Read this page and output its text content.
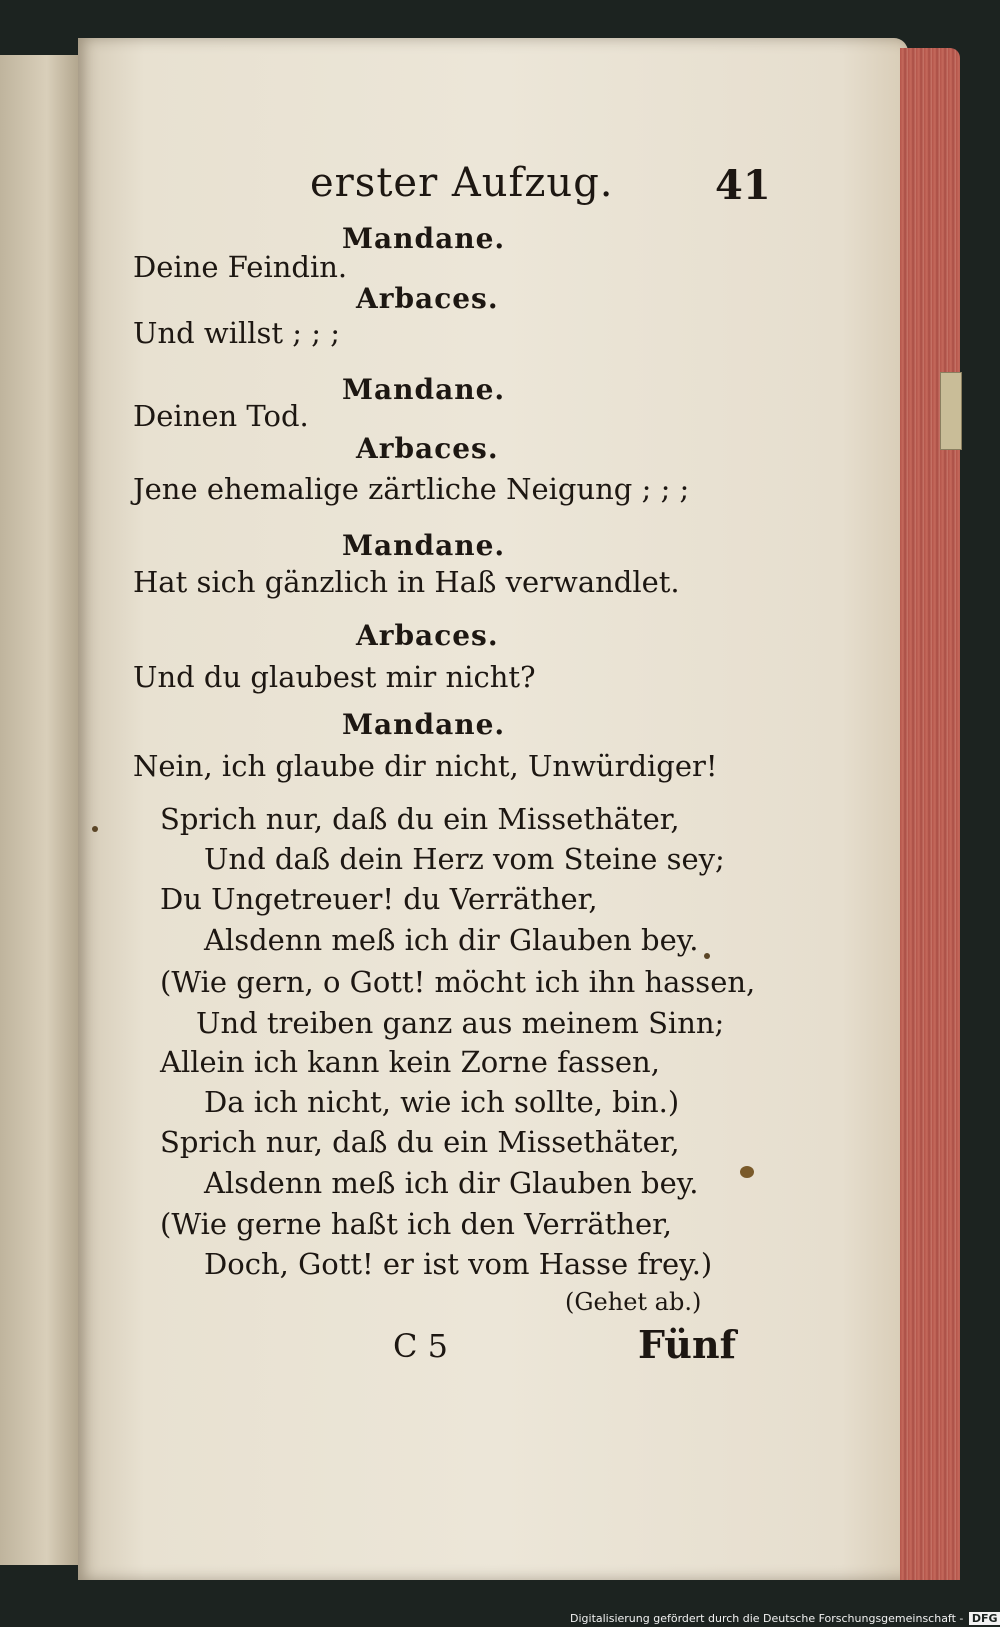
erster Aufzug.	41
Mandane.
Deine Feindin.
Arbaces.
Und willst ; ; ;
Mandane.
Deinen Tod.
Arbaces.
Jene ehemalige zärtliche Neigung ; ; ;
Mandane.
Hat sich gänzlich in Haß verwandlet.
Arbaces.
Und du glaubest mir nicht?
Mandane.
Nein, ich glaube dir nicht, Unwürdiger!
Sprich nur, daß du ein Missethäter,
Und daß dein Herz vom Steine sey;
Du Ungetreuer! du Verräther,
Alsdenn meß ich dir Glauben bey.
(Wie gern, o Gott! möcht ich ihn hassen,
Und treiben ganz aus meinem Sinn;
Allein ich kann kein Zorne fassen,
Da ich nicht, wie ich sollte, bin.)
Sprich nur, daß du ein Missethäter,
Alsdenn meß ich dir Glauben bey.
(Wie gerne haßt ich den Verräther,
Doch, Gott! er ist vom Hasse frey.)
(Gehet ab.)
C 5	Fünf
Digitalisierung gefördert durch die Deutsche Forschungsgemeinschaft - DFG
